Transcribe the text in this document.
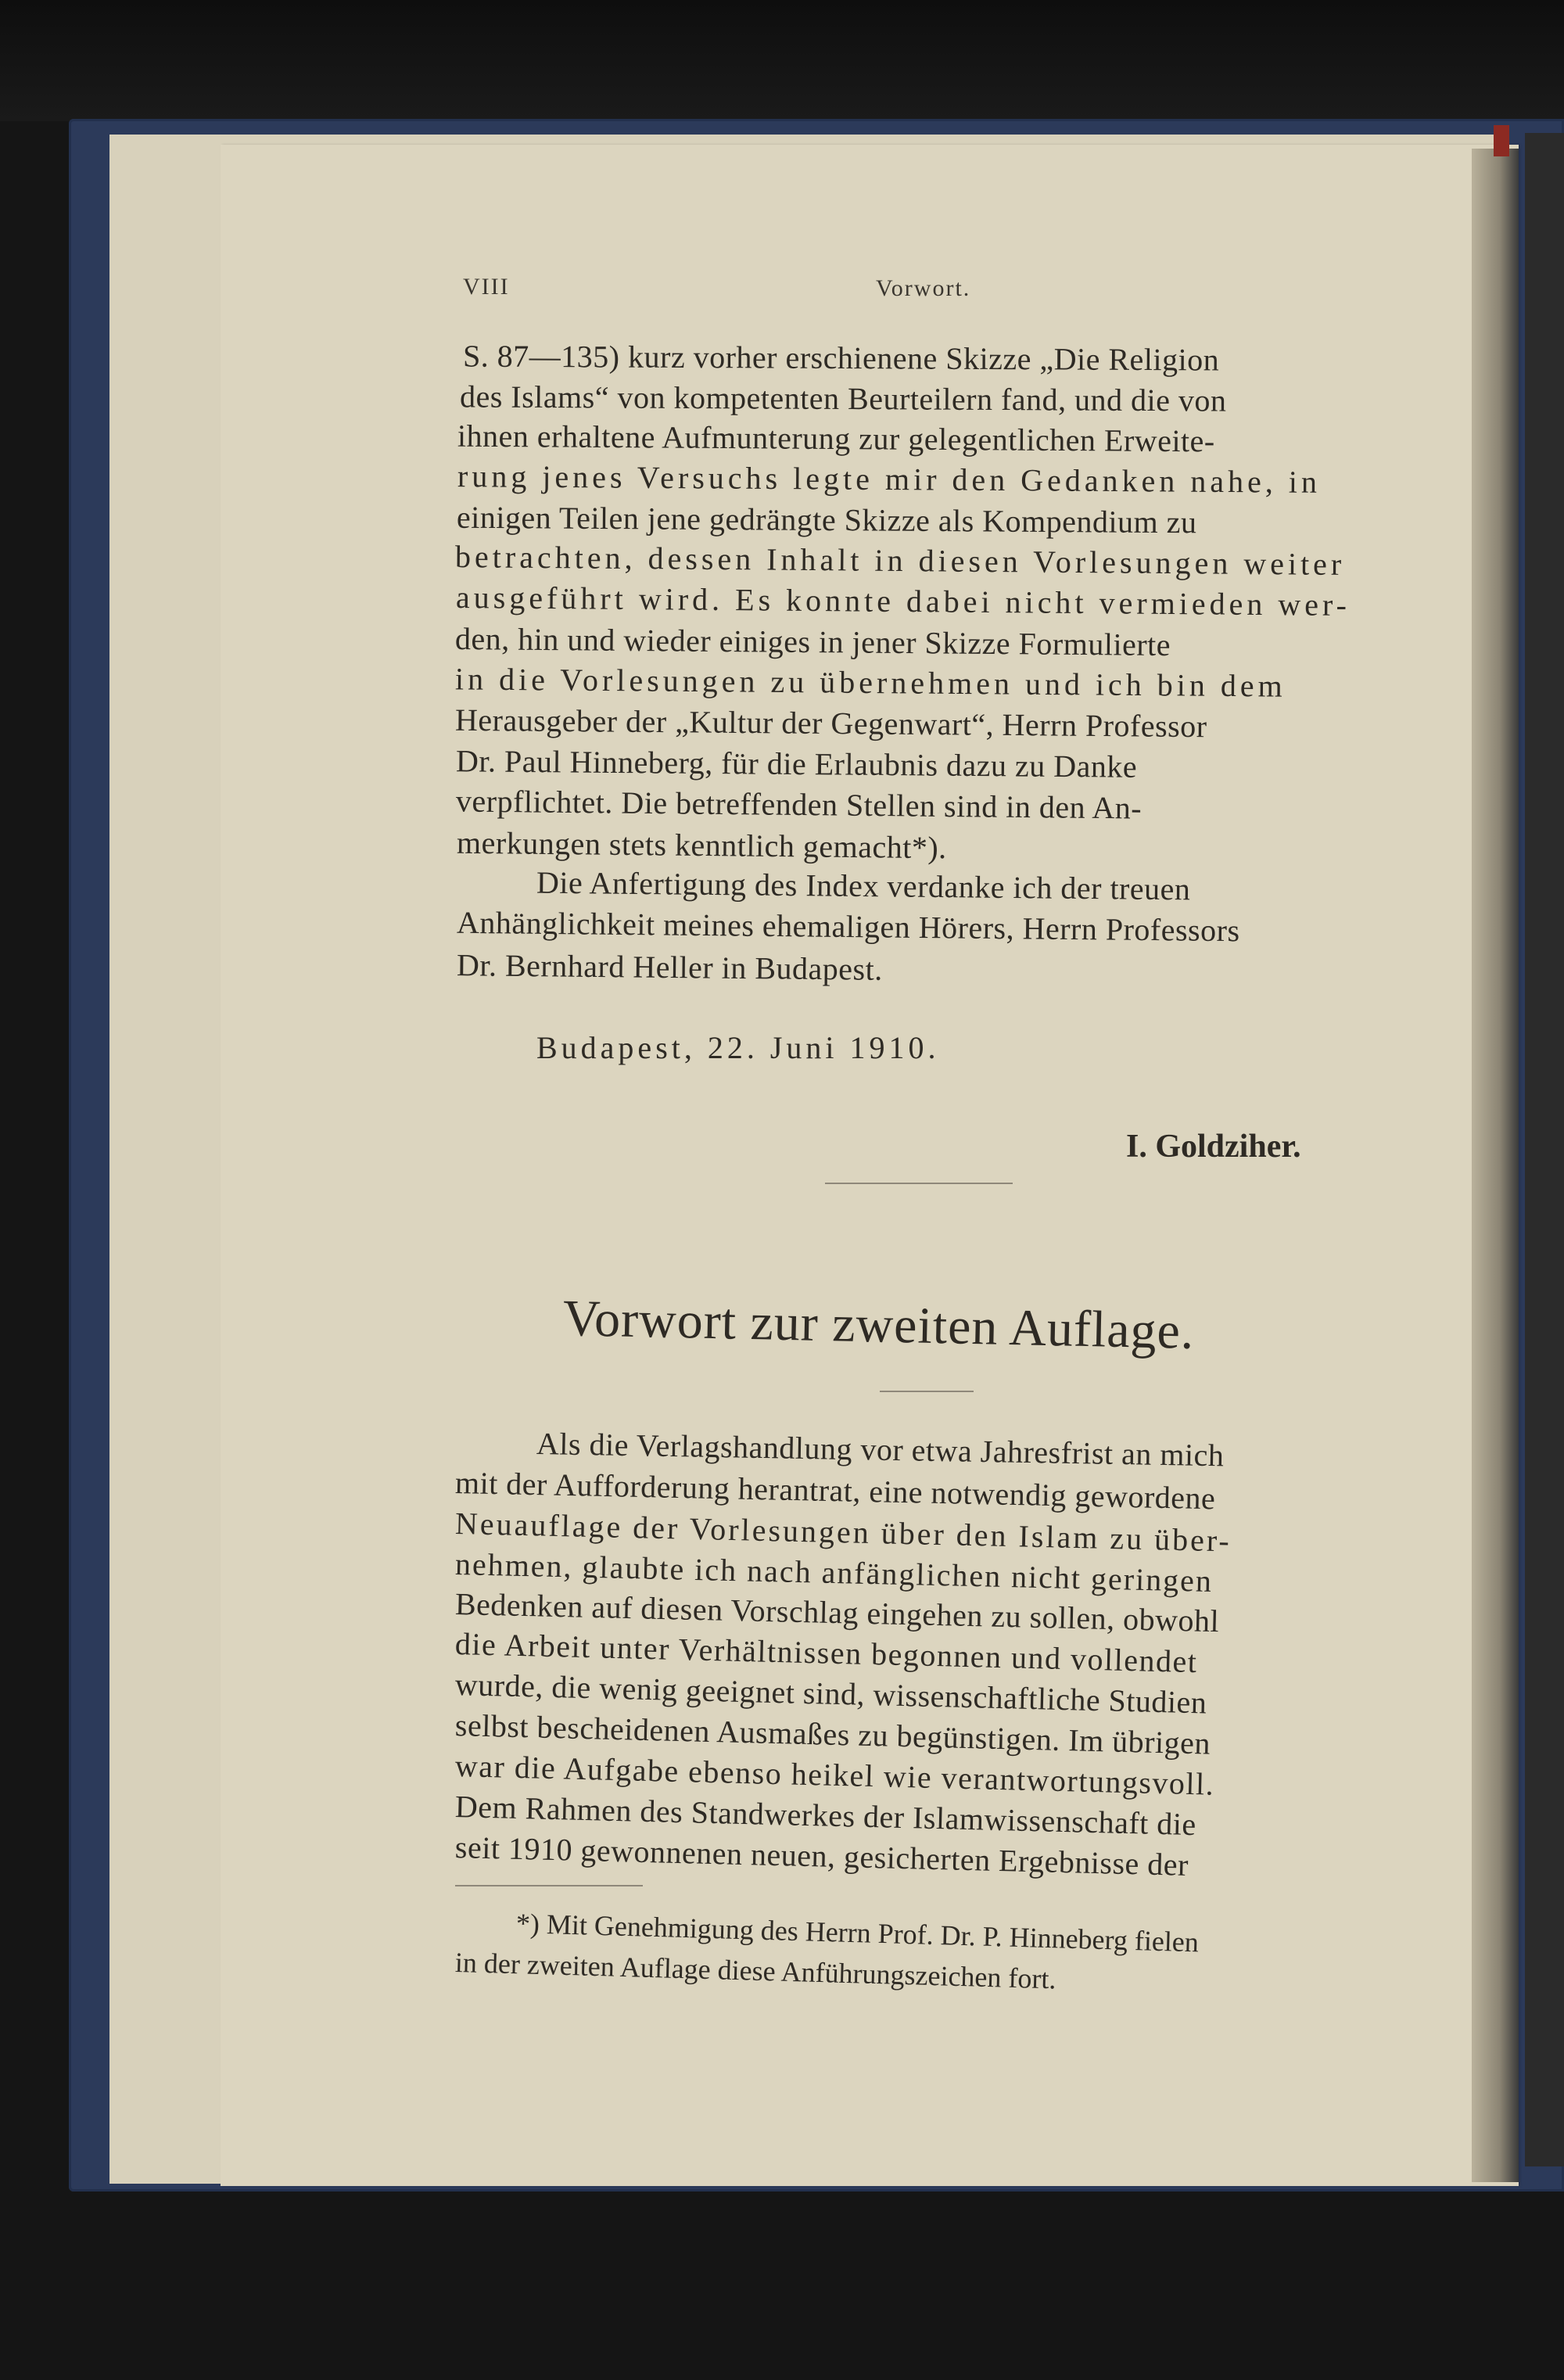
VIII	Vorwort.
S. 87—135) kurz vorher erschienene Skizze „Die Religion
des Islams“ von kompetenten Beurteilern fand, und die von
ihnen erhaltene Aufmunterung zur gelegentlichen Erweite-
rung jenes Versuchs legte mir den Gedanken nahe, in
einigen Teilen jene gedrängte Skizze als Kompendium zu
betrachten, dessen Inhalt in diesen Vorlesungen weiter
ausgeführt wird. Es konnte dabei nicht vermieden wer-
den, hin und wieder einiges in jener Skizze Formulierte
in die Vorlesungen zu übernehmen und ich bin dem
Herausgeber der „Kultur der Gegenwart“, Herrn Professor
Dr. Paul Hinneberg, für die Erlaubnis dazu zu Danke
verpflichtet. Die betreffenden Stellen sind in den An-
merkungen stets kenntlich gemacht*).
Die Anfertigung des Index verdanke ich der treuen
Anhänglichkeit meines ehemaligen Hörers, Herrn Professors
Dr. Bernhard Heller in Budapest.
Budapest, 22. Juni 1910.
I. Goldziher.
Vorwort zur zweiten Auflage.
Als die Verlagshandlung vor etwa Jahresfrist an mich
mit der Aufforderung herantrat, eine notwendig gewordene
Neuauflage der Vorlesungen über den Islam zu über-
nehmen, glaubte ich nach anfänglichen nicht geringen
Bedenken auf diesen Vorschlag eingehen zu sollen, obwohl
die Arbeit unter Verhältnissen begonnen und vollendet
wurde, die wenig geeignet sind, wissenschaftliche Studien
selbst bescheidenen Ausmaßes zu begünstigen. Im übrigen
war die Aufgabe ebenso heikel wie verantwortungsvoll.
Dem Rahmen des Standwerkes der Islamwissenschaft die
seit 1910 gewonnenen neuen, gesicherten Ergebnisse der
*) Mit Genehmigung des Herrn Prof. Dr. P. Hinneberg fielen
in der zweiten Auflage diese Anführungszeichen fort.
